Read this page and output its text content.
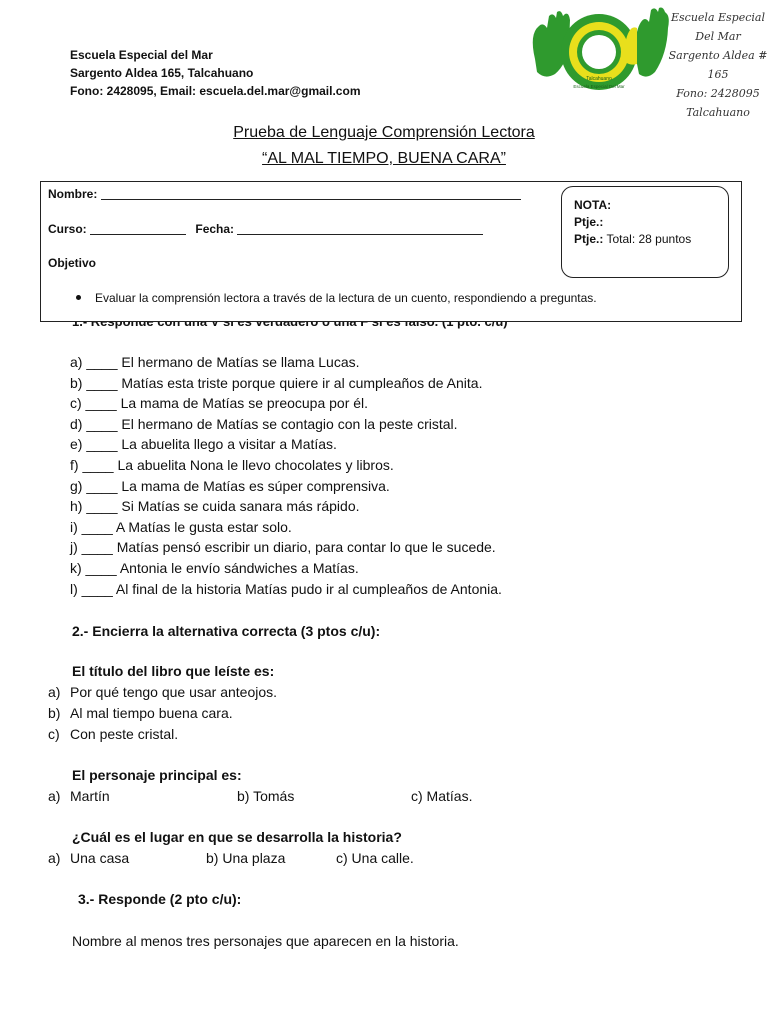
Escuela Especial del Mar
Sargento Aldea 165, Talcahuano
Fono: 2428095, Email: escuela.del.mar@gmail.com
Talcahuano
Escuela Especial Del Mar
Escuela Especial Del Mar
Sargento Aldea # 165
Fono: 2428095
Talcahuano
Prueba de Lenguaje Comprensión Lectora
“AL MAL TIEMPO, BUENA CARA”
Nombre:
Curso:	Fecha:
Objetivo
Evaluar la comprensión lectora a través de la lectura de un cuento, respondiendo a preguntas.
NOTA:
Ptje.:
Ptje.: Total: 28 puntos
a) ____ El hermano de Matías se llama Lucas.
b) ____ Matías esta triste porque quiere ir al cumpleaños de Anita.
c) ____ La mama de Matías se preocupa por él.
d) ____ El hermano de Matías se contagio con la peste cristal.
e) ____ La abuelita llego a visitar a Matías.
f) ____ La abuelita Nona le llevo chocolates y libros.
g) ____ La mama de Matías es súper comprensiva.
h) ____ Si Matías se cuida sanara más rápido.
i) ____ A Matías le gusta estar solo.
j) ____ Matías pensó escribir un diario, para contar lo que le sucede.
k) ____ Antonia le envío sándwiches a Matías.
l) ____ Al final de la historia Matías pudo ir al cumpleaños de Antonia.
2.- Encierra la alternativa correcta (3 ptos c/u):
El título del libro que leíste es:
a) Por qué tengo que usar anteojos.
b) Al mal tiempo buena cara.
c) Con peste cristal.
El personaje principal es:
a) Martín	b) Tomás	c) Matías.
¿Cuál es el lugar en que se desarrolla la historia?
a) Una casa	b) Una plaza	c) Una calle.
3.- Responde (2 pto c/u):
Nombre al menos tres personajes que aparecen en la historia.
